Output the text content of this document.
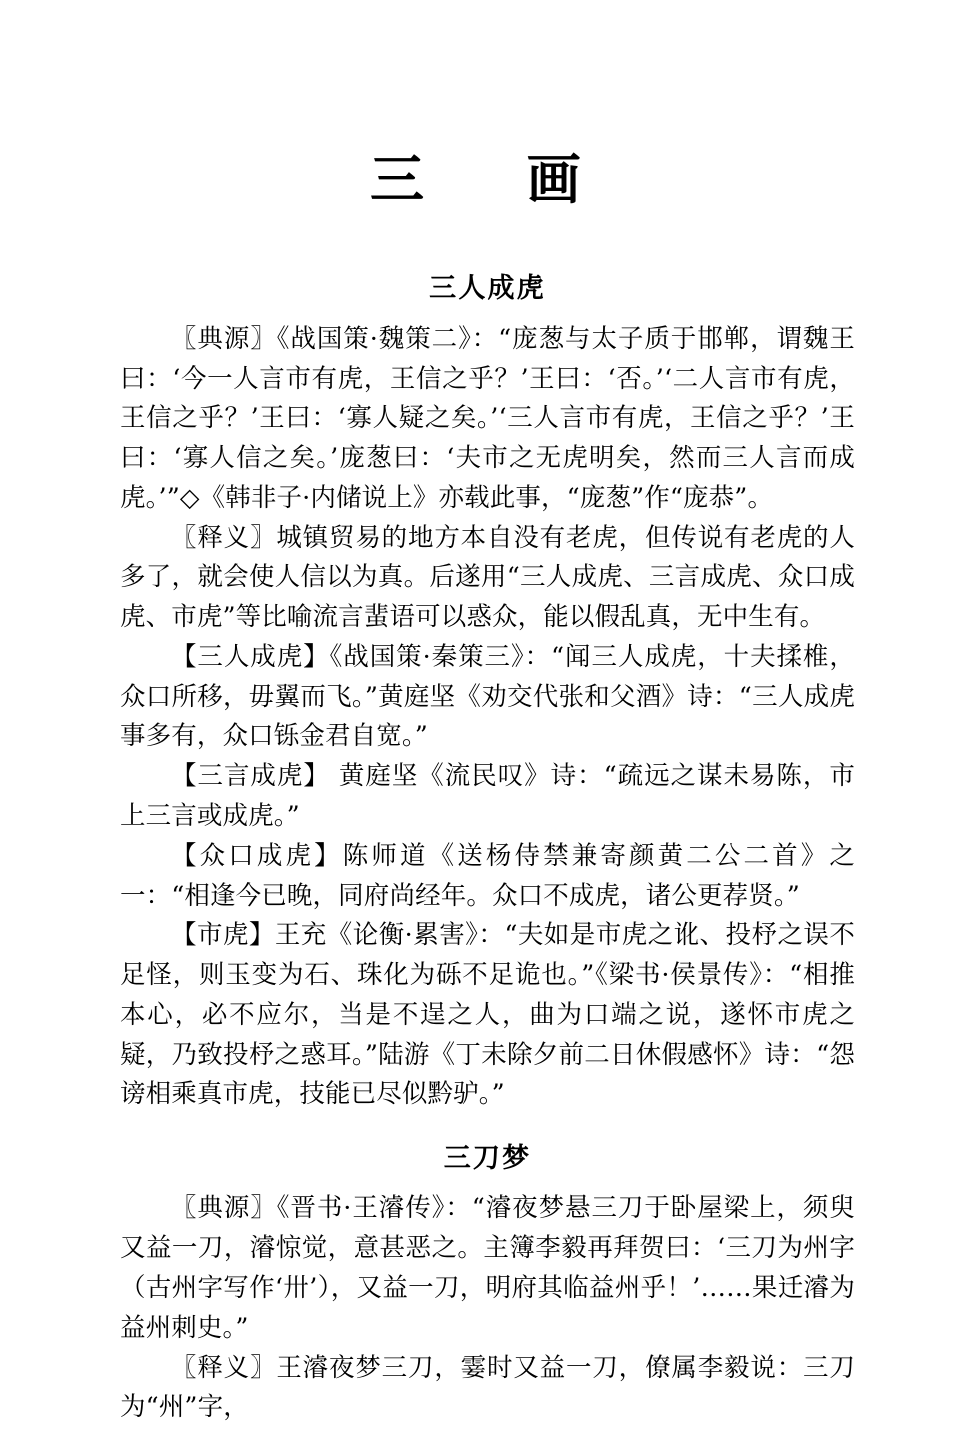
三　画
三人成虎

〖典源〗《战国策·魏策二》：“庞葱与太子质于邯郸，谓魏王曰：‘今一人言市有虎，王信之乎？’王曰：‘否。’‘二人言市有虎，王信之乎？’王曰：‘寡人疑之矣。’‘三人言市有虎，王信之乎？’王曰：‘寡人信之矣。’庞葱曰：‘夫市之无虎明矣，然而三人言而成虎。’”◇《韩非子·内储说上》亦载此事，“庞葱”作“庞恭”。

〖释义〗城镇贸易的地方本自没有老虎，但传说有老虎的人多了，就会使人信以为真。后遂用“三人成虎、三言成虎、众口成虎、市虎”等比喻流言蜚语可以惑众，能以假乱真，无中生有。

【三人成虎】《战国策·秦策三》：“闻三人成虎，十夫揉椎，众口所移，毋翼而飞。”黄庭坚《劝交代张和父酒》诗：“三人成虎事多有，众口铄金君自宽。”

【三言成虎】 黄庭坚《流民叹》诗：“疏远之谋未易陈，市上三言或成虎。”

【众口成虎】陈师道《送杨侍禁兼寄颜黄二公二首》之一：“相逢今已晚，同府尚经年。众口不成虎，诸公更荐贤。”

【市虎】王充《论衡·累害》：“夫如是市虎之讹、投杼之误不足怪，则玉变为石、珠化为砾不足诡也。”《梁书·侯景传》：“相推本心，必不应尔，当是不逞之人，曲为口端之说，遂怀市虎之疑，乃致投杼之惑耳。”陆游《丁未除夕前二日休假感怀》诗：“怨谤相乘真市虎，技能已尽似黔驴。”

三刀梦

〖典源〗《晋书·王濬传》：“濬夜梦悬三刀于卧屋梁上，须臾又益一刀，濬惊觉，意甚恶之。主簿李毅再拜贺曰：‘三刀为州字（古州字写作‘卅’），又益一刀，明府其临益州乎！’……果迁濬为益州刺史。”

〖释义〗王濬夜梦三刀，霎时又益一刀，僚属李毅说：三刀为“州”字，
